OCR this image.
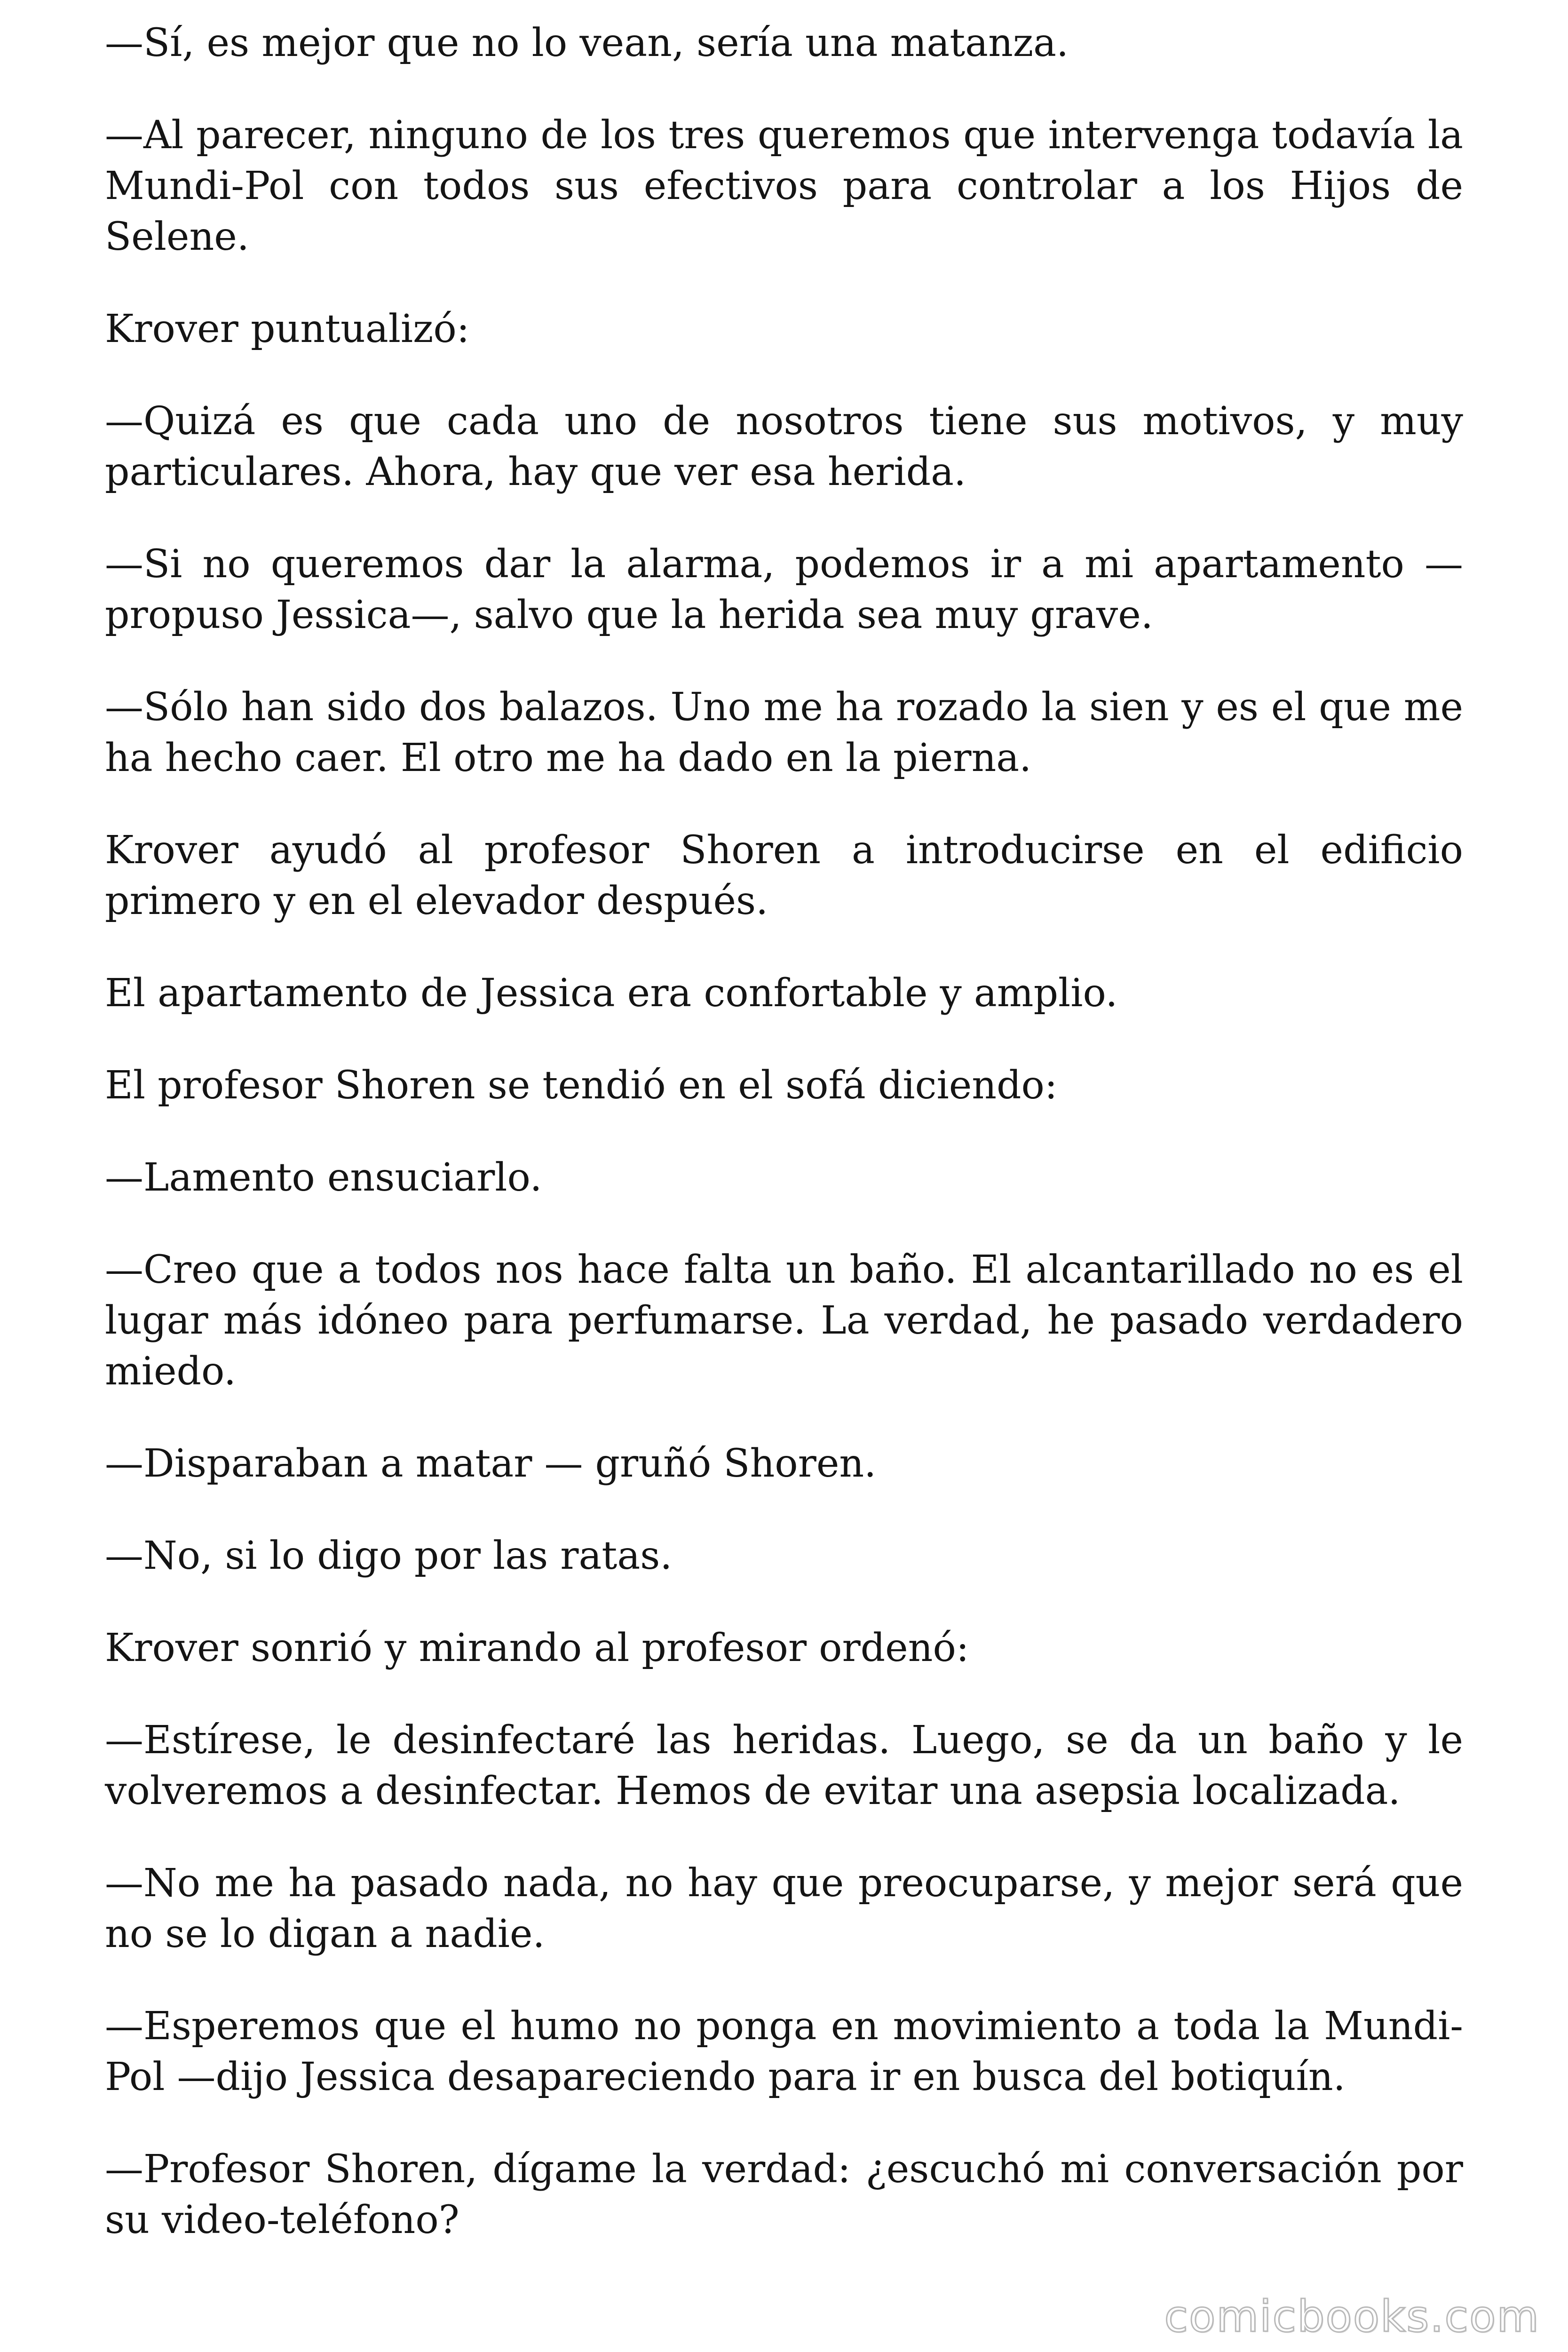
—Sí, es mejor que no lo vean, sería una matanza.

—Al parecer, ninguno de los tres queremos que intervenga todavía la Mundi-Pol con todos sus efectivos para controlar a los Hijos de Selene.

Krover puntualizó:

—Quizá es que cada uno de nosotros tiene sus motivos, y muy particulares. Ahora, hay que ver esa herida.

—Si no queremos dar la alarma, podemos ir a mi apartamento — propuso Jessica—, salvo que la herida sea muy grave.

—Sólo han sido dos balazos. Uno me ha rozado la sien y es el que me ha hecho caer. El otro me ha dado en la pierna.

Krover ayudó al profesor Shoren a introducirse en el edificio primero y en el elevador después.

El apartamento de Jessica era confortable y amplio.

El profesor Shoren se tendió en el sofá diciendo:

—Lamento ensuciarlo.

—Creo que a todos nos hace falta un baño. El alcantarillado no es el lugar más idóneo para perfumarse. La verdad, he pasado verdadero miedo.

—Disparaban a matar — gruñó Shoren.

—No, si lo digo por las ratas.

Krover sonrió y mirando al profesor ordenó:

—Estírese, le desinfectaré las heridas. Luego, se da un baño y le volveremos a desinfectar. Hemos de evitar una asepsia localizada.

—No me ha pasado nada, no hay que preocuparse, y mejor será que no se lo digan a nadie.

—Esperemos que el humo no ponga en movimiento a toda la Mundi-Pol —dijo Jessica desapareciendo para ir en busca del botiquín.

—Profesor Shoren, dígame la verdad: ¿escuchó mi conversación por su video-teléfono?

comicbooks.com
